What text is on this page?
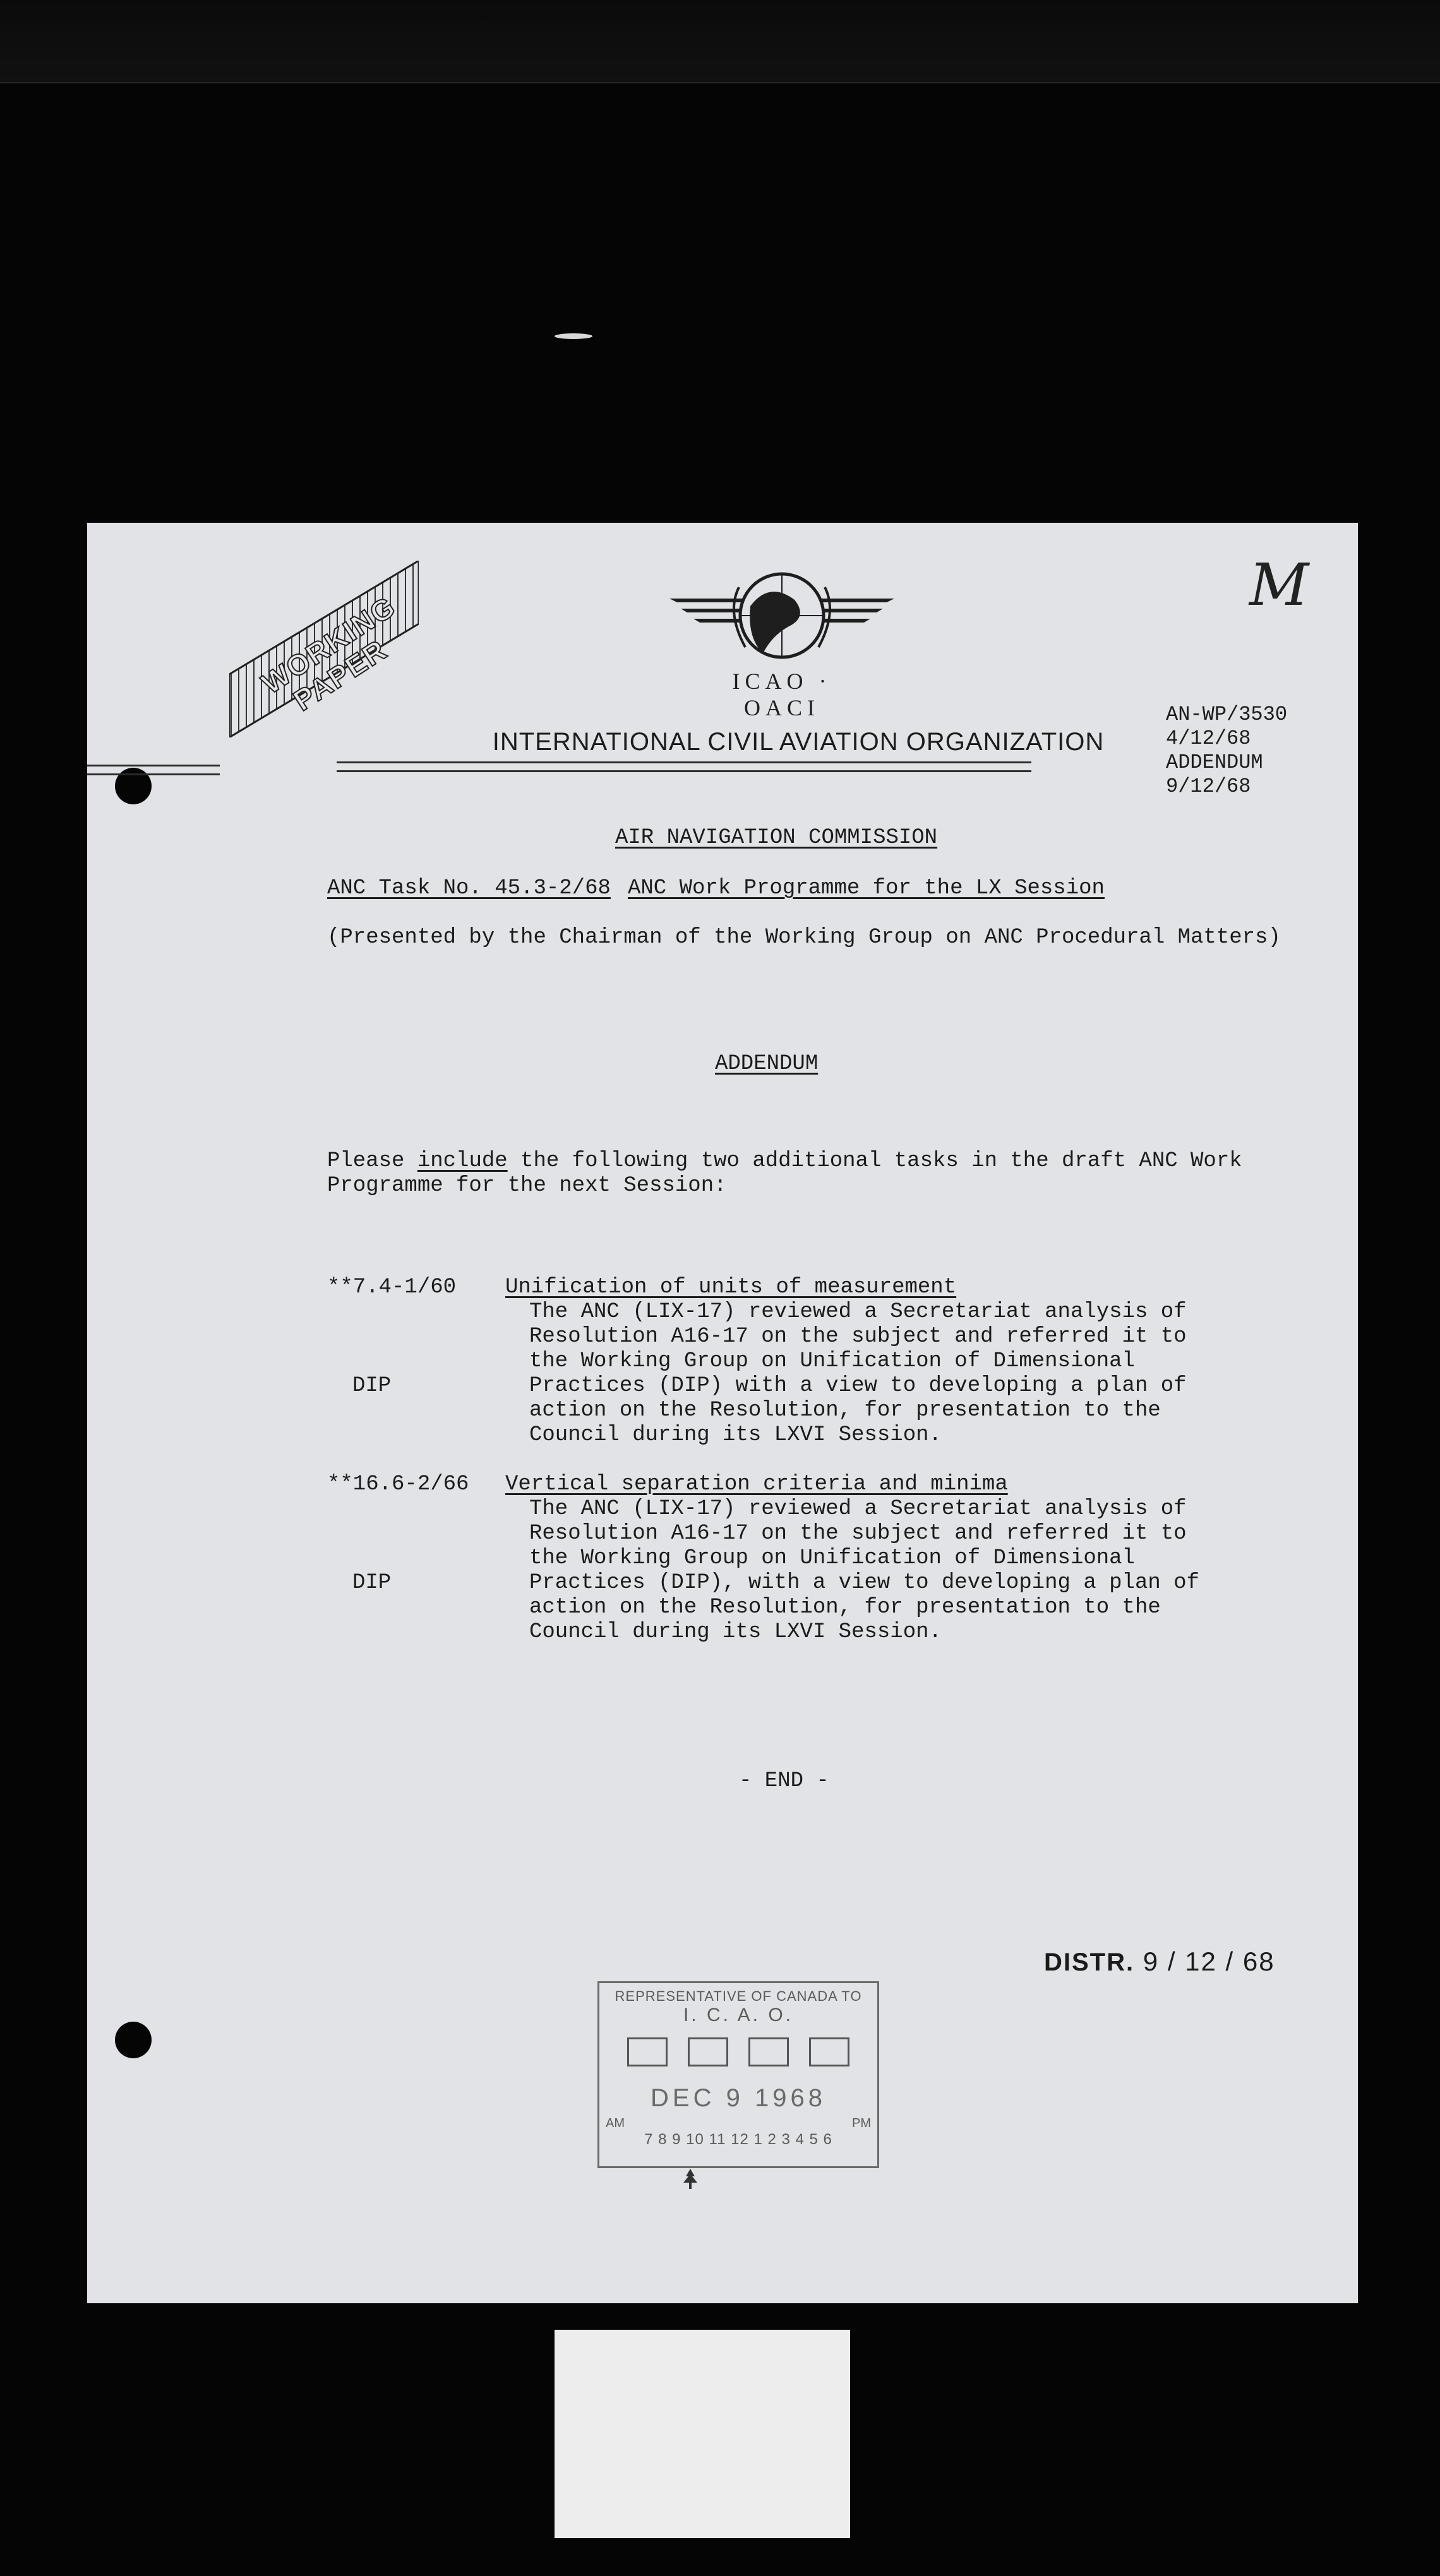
WORKING PAPER	ICAO · OACI
INTERNATIONAL CIVIL AVIATION ORGANIZATION
M
AN-WP/3530
4/12/68
ADDENDUM
9/12/68
AIR NAVIGATION COMMISSION
ANC Task No. 45.3-2/68 ANC Work Programme for the LX Session
(Presented by the Chairman of the Working Group on ANC Procedural Matters)
ADDENDUM
Please include the following two additional tasks in the draft ANC Work
Programme for the next Session:
**7.4-1/60
DIP
Unification of units of measurement
The ANC (LIX-17) reviewed a Secretariat analysis of Resolution A16-17 on the subject and referred it to the Working Group on Unification of Dimensional Practices (DIP) with a view to developing a plan of action on the Resolution, for presentation to the Council during its LXVI Session.
**16.6-2/66
DIP
Vertical separation criteria and minima
The ANC (LIX-17) reviewed a Secretariat analysis of Resolution A16-17 on the subject and referred it to the Working Group on Unification of Dimensional Practices (DIP), with a view to developing a plan of action on the Resolution, for presentation to the Council during its LXVI Session.
- END -
DISTR. 9 / 12 / 68
REPRESENTATIVE OF CANADA TO
I. C. A. O.
DEC 9 1968
AM	PM
7 8 9 10 11 12 1 2 3 4 5 6
